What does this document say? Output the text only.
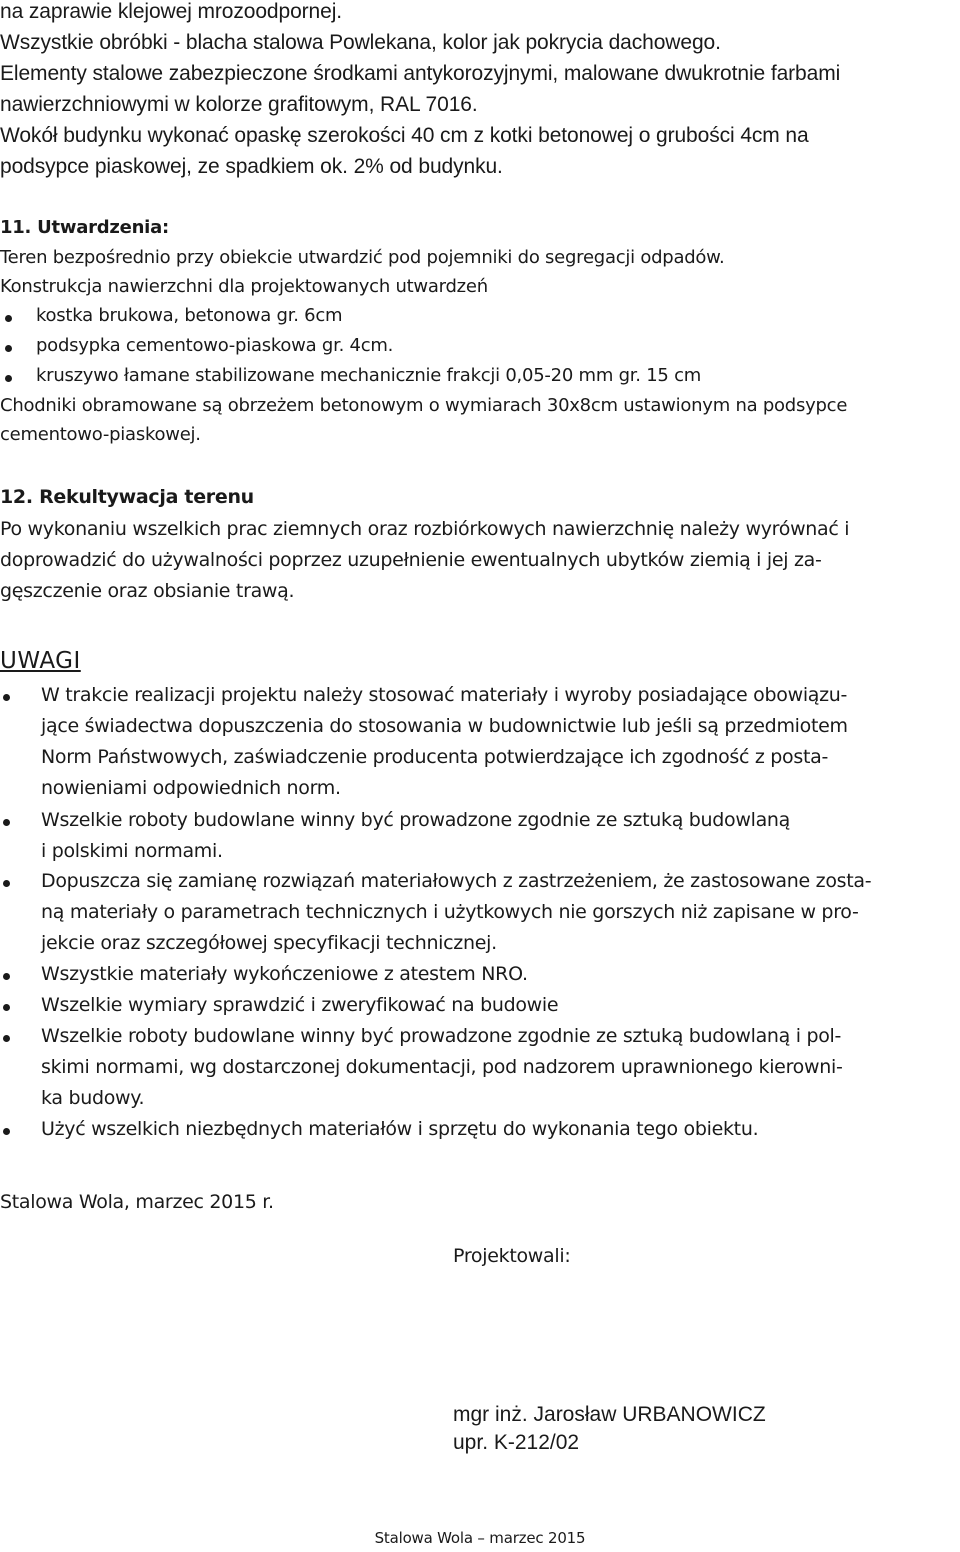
na zaprawie klejowej mrozoodpornej.
Wszystkie obróbki - blacha stalowa Powlekana, kolor jak pokrycia dachowego.
Elementy stalowe zabezpieczone środkami antykorozyjnymi, malowane dwukrotnie farbami
nawierzchniowymi w kolorze grafitowym, RAL 7016.
Wokół budynku wykonać opaskę szerokości 40 cm z kotki betonowej o grubości 4cm na
podsypce piaskowej, ze spadkiem ok. 2% od budynku.
11. Utwardzenia:
Teren bezpośrednio przy obiekcie utwardzić pod pojemniki do segregacji odpadów.
Konstrukcja nawierzchni dla projektowanych utwardzeń
kostka brukowa, betonowa gr. 6cm
podsypka cementowo-piaskowa gr. 4cm.
kruszywo łamane stabilizowane mechanicznie frakcji 0,05-20 mm gr. 15 cm
Chodniki obramowane są obrzeżem betonowym o wymiarach 30x8cm ustawionym na podsypce
cementowo-piaskowej.
12. Rekultywacja terenu
Po wykonaniu wszelkich prac ziemnych oraz rozbiórkowych nawierzchnię należy wyrównać i
doprowadzić do używalności poprzez uzupełnienie ewentualnych ubytków ziemią i jej za-
gęszczenie oraz obsianie trawą.
UWAGI
W trakcie realizacji projektu należy stosować materiały i wyroby posiadające obowiązu-
jące świadectwa dopuszczenia do stosowania w budownictwie lub jeśli są przedmiotem
Norm Państwowych, zaświadczenie producenta potwierdzające ich zgodność z posta-
nowieniami odpowiednich norm.
Wszelkie roboty budowlane winny być prowadzone zgodnie ze sztuką budowlaną
i polskimi normami.
Dopuszcza się zamianę rozwiązań materiałowych z zastrzeżeniem, że zastosowane zosta-
ną materiały o parametrach technicznych i użytkowych nie gorszych niż zapisane w pro-
jekcie oraz szczegółowej specyfikacji technicznej.
Wszystkie materiały wykończeniowe z atestem NRO.
Wszelkie wymiary sprawdzić i zweryfikować na budowie
Wszelkie roboty budowlane winny być prowadzone zgodnie ze sztuką budowlaną i pol-
skimi normami, wg dostarczonej dokumentacji, pod nadzorem uprawnionego kierowni-
ka budowy.
Użyć wszelkich niezbędnych materiałów i sprzętu do wykonania tego obiektu.
Stalowa Wola, marzec 2015 r.
Projektowali:
mgr inż. Jarosław URBANOWICZ
upr. K-212/02
Stalowa Wola – marzec 2015
